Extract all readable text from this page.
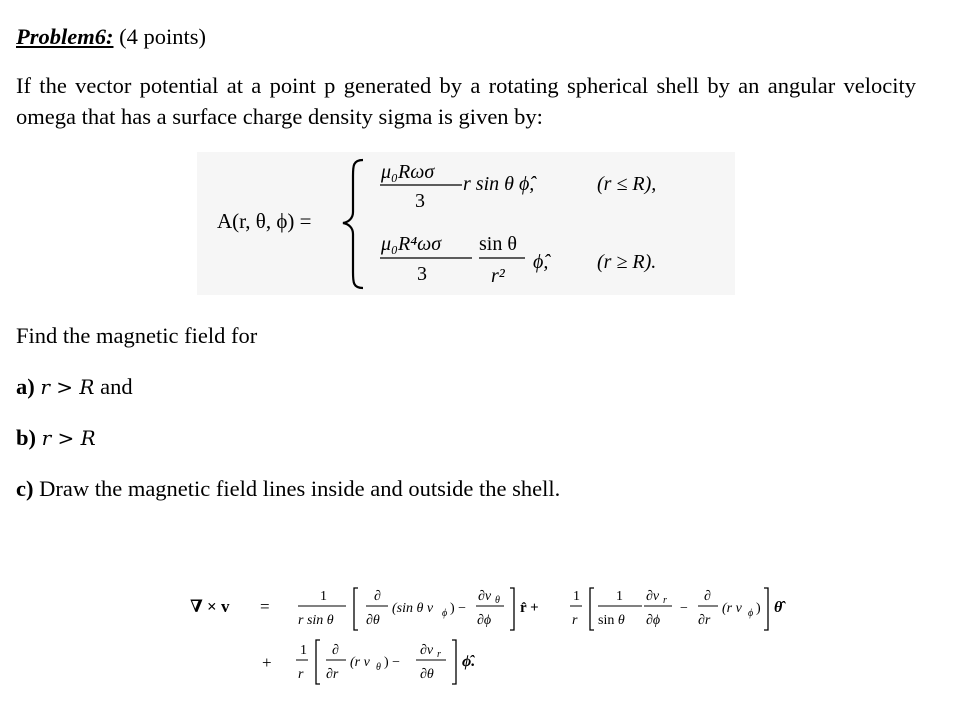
Problem6: (4 points)
If the vector potential at a point p generated by a rotating spherical shell by an angular velocity omega that has a surface charge density sigma is given by:
A(r, θ, ϕ) =
μ₀Rωσ
3
r sin θ ϕ̂,	(r ≤ R),
μ₀R⁴ωσ
3
sin θ
r²
ϕ̂, (r ≥ R).
Find the magnetic field for
a) r > R and
b) r > R
c) Draw the magnetic field lines inside and outside the shell.
∇ × v =
1
r sin θ
∂
∂θ
(sin θ v ϕ ) −
∂v θ
∂ϕ
r̂ +
1
r
1
sin θ
∂v r
∂ϕ
−
∂
∂r
(r v ϕ ) θ̂
+
1
r
∂
∂r
(r v θ ) −
∂v r
∂θ
ϕ̂.
